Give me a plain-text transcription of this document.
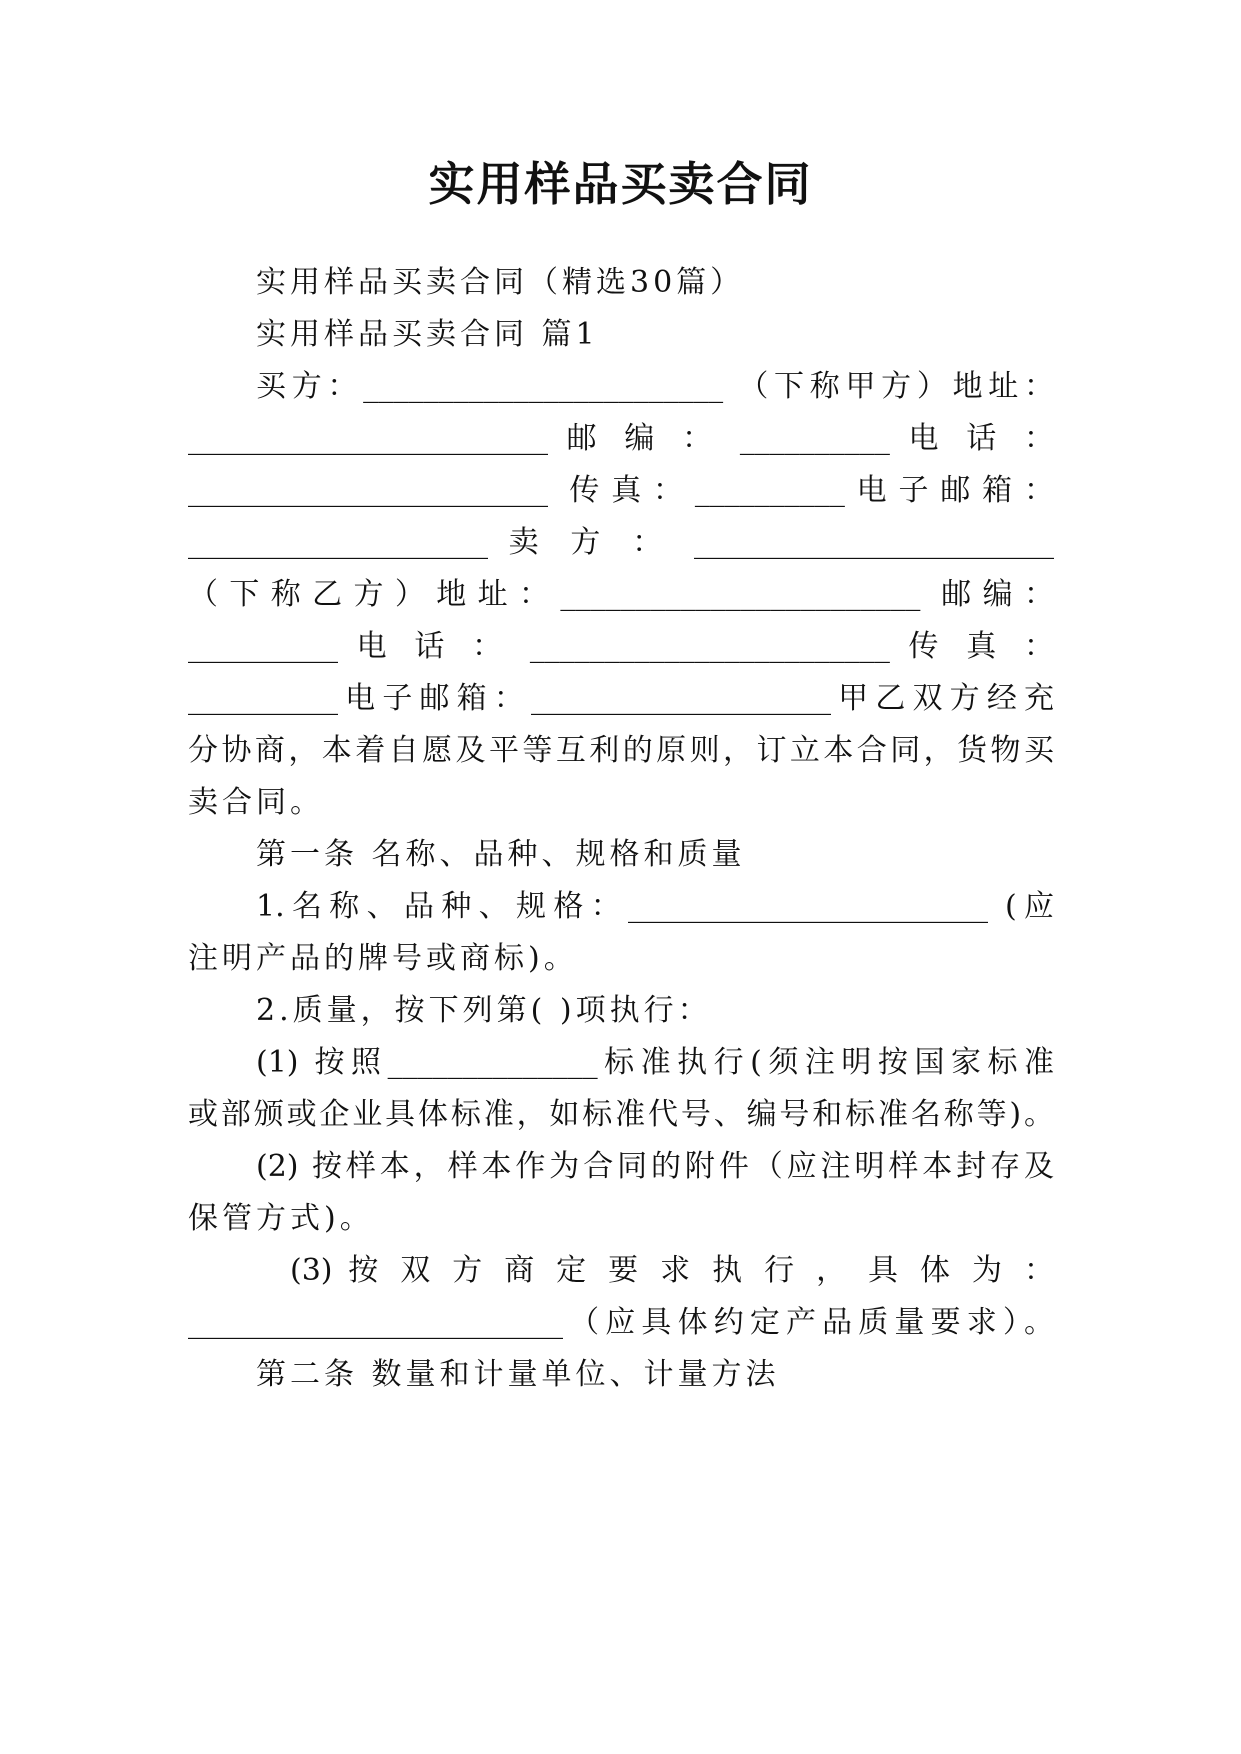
实用样品买卖合同
实用样品买卖合同（精选30篇）
实用样品买卖合同 篇1
买方：________________________ （下称甲方）地址：
________________________ 邮 编 ： __________ 电 话 ：
________________________ 传真：__________电子邮箱：
____________________ 卖 方 ： ________________________
（下称乙方）地址：________________________ 邮编：
__________ 电 话 ： ________________________ 传 真 ：
__________电子邮箱：____________________甲乙双方经充
分协商，本着自愿及平等互利的原则，订立本合同，货物买
卖合同。
第一条 名称、品种、规格和质量
1.名称、品种、规格：________________________ (应
注明产品的牌号或商标)。
2.质量，按下列第( )项执行：
(1) 按照______________标准执行(须注明按国家标准
或部颁或企业具体标准，如标准代号、编号和标准名称等)。
(2) 按样本，样本作为合同的附件（应注明样本封存及
保管方式)。
(3) 按 双 方 商 定 要 求 执 行 ， 具 体 为 ：
_________________________（应具体约定产品质量要求）。
第二条 数量和计量单位、计量方法
